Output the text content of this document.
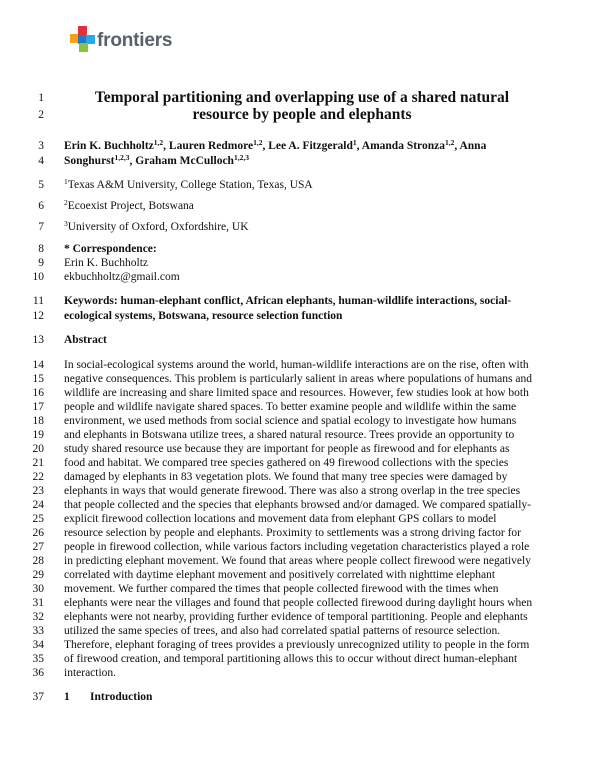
frontiers
1
2
3
4
5
6
7
8
9
10
11
12
13
14
15
16
17
18
19
20
21
22
23
24
25
26
27
28
29
30
31
32
33
34
35
36
37
Temporal partitioning and overlapping use of a shared natural
resource by people and elephants
Erin K. Buchholtz$^{1,2}$, Lauren Redmore$^{1,2}$, Lee A. Fitzgerald$^1$, Amanda Stronza$^{1,2}$, Anna
Songhurst$^{1,2,3}$, Graham McCulloch$^{1,2,3}$
$^1$Texas A&M University, College Station, Texas, USA
$^2$Ecoexist Project, Botswana
$^3$University of Oxford, Oxfordshire, UK
* Correspondence:
Erin K. Buchholtz
ekbuchholtz@gmail.com
Keywords: human-elephant conflict, African elephants, human-wildlife interactions, social-
ecological systems, Botswana, resource selection function
Abstract
In social-ecological systems around the world, human-wildlife interactions are on the rise, often with
negative consequences. This problem is particularly salient in areas where populations of humans and
wildlife are increasing and share limited space and resources. However, few studies look at how both
people and wildlife navigate shared spaces. To better examine people and wildlife within the same
environment, we used methods from social science and spatial ecology to investigate how humans
and elephants in Botswana utilize trees, a shared natural resource. Trees provide an opportunity to
study shared resource use because they are important for people as firewood and for elephants as
food and habitat. We compared tree species gathered on 49 firewood collections with the species
damaged by elephants in 83 vegetation plots. We found that many tree species were damaged by
elephants in ways that would generate firewood. There was also a strong overlap in the tree species
that people collected and the species that elephants browsed and/or damaged. We compared spatially-
explicit firewood collection locations and movement data from elephant GPS collars to model
resource selection by people and elephants. Proximity to settlements was a strong driving factor for
people in firewood collection, while various factors including vegetation characteristics played a role
in predicting elephant movement. We found that areas where people collect firewood were negatively
correlated with daytime elephant movement and positively correlated with nighttime elephant
movement. We further compared the times that people collected firewood with the times when
elephants were near the villages and found that people collected firewood during daylight hours when
elephants were not nearby, providing further evidence of temporal partitioning. People and elephants
utilized the same species of trees, and also had correlated spatial patterns of resource selection.
Therefore, elephant foraging of trees provides a previously unrecognized utility to people in the form
of firewood creation, and temporal partitioning allows this to occur without direct human-elephant
interaction.
1 Introduction
